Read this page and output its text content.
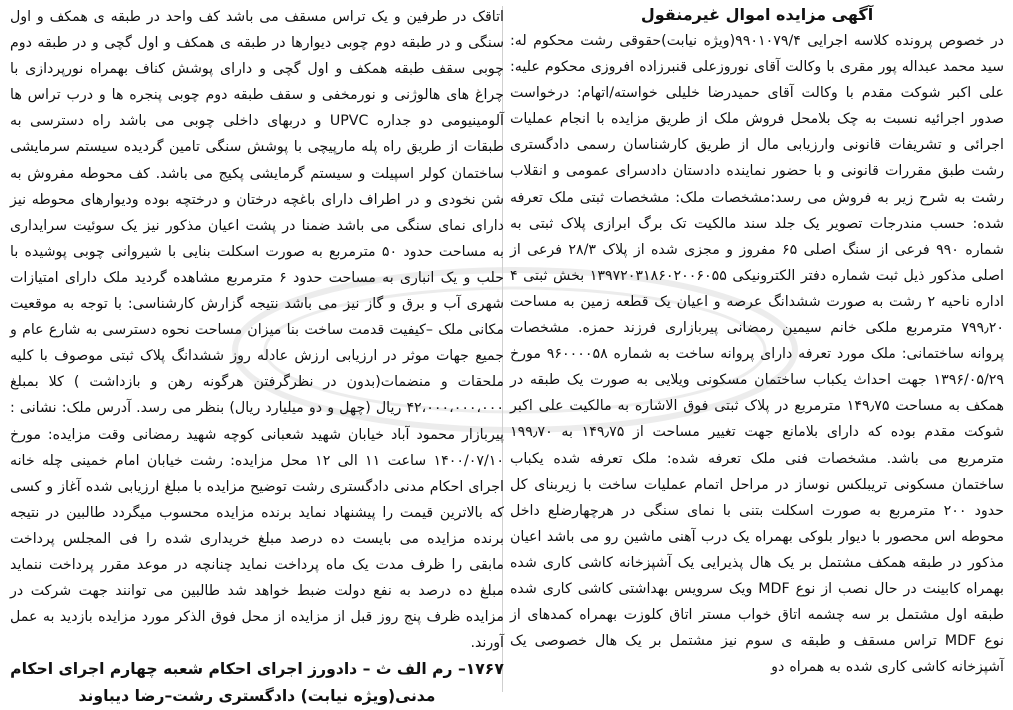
آگهی مزایده اموال غیرمنقول

در خصوص پرونده کلاسه اجرایی ۹۹۰۱۰۷۹/۴(ویژه نیابت)حقوقی رشت محکوم له: سید محمد عبداله پور مقری با وکالت آقای نوروزعلی قنبرزاده افروزی محکوم علیه: علی اکبر شوکت مقدم با وکالت آقای حمیدرضا خلیلی خواسته/اتهام: درخواست صدور اجرائیه نسبت به چک بلامحل فروش ملک از طریق مزایده با انجام عملیات اجرائی و تشریفات قانونی وارزیابی مال از طریق کارشناسان رسمی دادگستری رشت طبق مقررات قانونی و با حضور نماینده دادستان دادسرای عمومی و انقلاب رشت به شرح زیر به فروش می رسد:مشخصات ملک: مشخصات ثبتی ملک تعرفه شده: حسب مندرجات تصویر یک جلد سند مالکیت تک برگ ابرازی پلاک ثبتی به شماره ۹۹۰ فرعی از سنگ اصلی ۶۵ مفروز و مجزی شده از پلاک ۲۸/۳ فرعی از اصلی مذکور ذیل ثبت شماره دفتر الکترونیکی ۱۳۹۷۲۰۳۱۸۶۰۲۰۰۶۰۵۵ بخش ثبتی ۴ اداره ناحیه ۲ رشت به صورت ششدانگ عرصه و اعیان یک قطعه زمین به مساحت ۷۹۹٫۲۰ مترمربع ملکی خانم سیمین رمضانی پیربازاری فرزند حمزه. مشخصات پروانه ساختمانی: ملک مورد تعرفه دارای پروانه ساخت به شماره ۹۶۰۰۰۰۵۸ مورخ ۱۳۹۶/۰۵/۲۹ جهت احداث یکباب ساختمان مسکونی ویلایی به صورت یک طبقه در همکف به مساحت ۱۴۹٫۷۵ مترمربع در پلاک ثبتی فوق الاشاره به مالکیت علی اکبر شوکت مقدم بوده که دارای بلامانع جهت تغییر مساحت از ۱۴۹٫۷۵ به ۱۹۹٫۷۰ مترمربع می باشد. مشخصات فنی ملک تعرفه شده: ملک تعرفه شده یکباب ساختمان مسکونی تریبلکس نوساز در مراحل اتمام عملیات ساخت با زیربنای کل حدود ۲۰۰ مترمربع به صورت اسکلت بتنی با نمای سنگی در هرچهارضلع داخل محوطه اس محصور با دیوار بلوکی بهمراه یک درب آهنی ماشین رو می باشد اعیان مذکور در طبقه همکف مشتمل بر یک هال پذیرایی یک آشپزخانه کاشی کاری شده بهمراه کابینت در حال نصب از نوع MDF ویک سرویس بهداشتی کاشی کاری شده طبقه اول مشتمل بر سه چشمه اتاق خواب مستر اتاق کلوزت بهمراه کمدهای از نوع MDF تراس مسقف و طبقه ی سوم نیز مشتمل بر یک هال خصوصی یک آشپزخانه کاشی کاری شده به همراه دو

اتاقک در طرفین و یک تراس مسقف می باشد کف واحد در طبقه ی همکف و اول سنگی و در طبقه دوم چوبی دیوارها در طبقه ی همکف و اول گچی و در طبقه دوم چوبی سقف طبقه همکف و اول گچی و دارای پوشش کناف بهمراه نورپردازی با چراغ های هالوژنی و نورمخفی و سقف طبقه دوم چوبی پنجره ها و درب تراس ها آلومینیومی دو جداره UPVC و دربهای داخلی چوبی می باشد راه دسترسی به طبقات از طریق راه پله مارپیچی با پوشش سنگی تامین گردیده سیستم سرمایشی ساختمان کولر اسپیلت و سیستم گرمایشی پکیج می باشد. کف محوطه مفروش به شن نخودی و در اطراف دارای باغچه درختان و درختچه بوده ودیوارهای محوطه نیز دارای نمای سنگی می باشد ضمنا در پشت اعیان مذکور نیز یک سوئیت سرایداری به مساحت حدود ۵۰ مترمربع به صورت اسکلت بنایی با شیروانی چوبی پوشیده با حلب و یک انباری به مساحت حدود ۶ مترمربع مشاهده گردید ملک دارای امتیازات شهری آب و برق و گاز نیز می باشد نتیجه گزارش کارشناسی: با توجه به موقعیت مکانی ملک –کیفیت قدمت ساخت بنا میزان مساحت نحوه دسترسی به شارع عام و جمیع جهات موثر در ارزیابی ارزش عادله روز ششدانگ پلاک ثبتی موصوف با کلیه ملحقات و منضمات(بدون در نظرگرفتن هرگونه رهن و بازداشت ) کلا بمبلغ ۴۲،۰۰۰،۰۰۰،۰۰۰ ریال (چهل و دو میلیارد ریال) بنظر می رسد. آدرس ملک: نشانی : پیربازار محمود آباد خیابان شهید شعبانی کوچه شهید رمضانی وقت مزایده: مورخ ۱۴۰۰/۰۷/۱۰ ساعت ۱۱ الی ۱۲ محل مزایده: رشت خیابان امام خمینی چله خانه اجرای احکام مدنی دادگستری رشت توضیح مزایده با مبلغ ارزیابی شده آغاز و کسی که بالاترین قیمت را پیشنهاد نماید برنده مزایده محسوب میگردد طالبین در نتیجه برنده مزایده می بایست ده درصد مبلغ خریداری شده را فی المجلس پرداخت مابقی را ظرف مدت یک ماه پرداخت نماید چنانچه در موعد مقرر پرداخت ننماید مبلغ ده درصد به نفع دولت ضبط خواهد شد طالبین می توانند جهت شرکت در مزایده ظرف پنج روز قبل از مزایده از محل فوق الذکر مورد مزایده بازدید به عمل آورند.

۱۷۶۷– رم الف ث – دادورز اجرای احکام شعبه چهارم اجرای احکام

مدنی(ویژه نیابت) دادگستری رشت–رضا دیباوند
